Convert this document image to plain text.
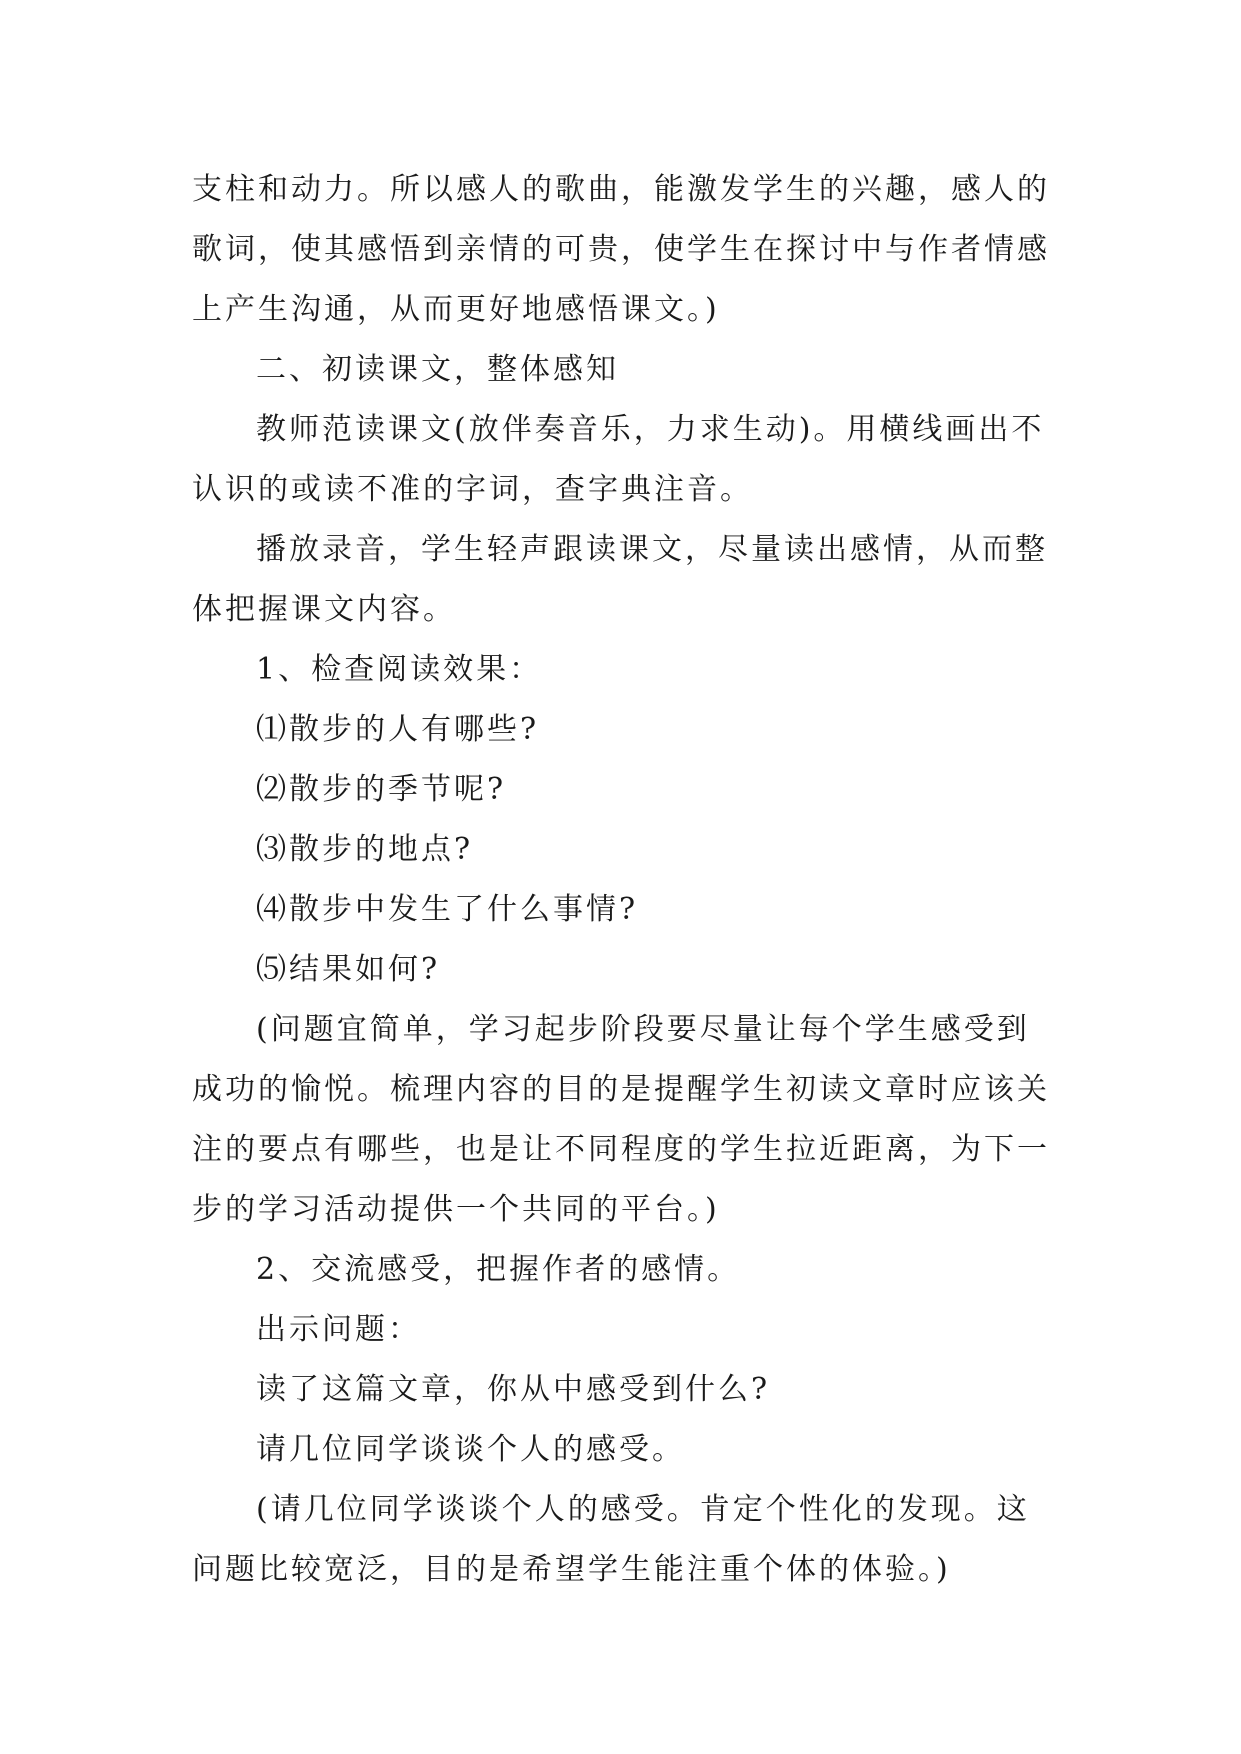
支柱和动力。所以感人的歌曲，能激发学生的兴趣，感人的

歌词，使其感悟到亲情的可贵，使学生在探讨中与作者情感

上产生沟通，从而更好地感悟课文。)

二、初读课文，整体感知

教师范读课文(放伴奏音乐，力求生动)。用横线画出不

认识的或读不准的字词，查字典注音。

播放录音，学生轻声跟读课文，尽量读出感情，从而整

体把握课文内容。

1、检查阅读效果：

⑴散步的人有哪些?

⑵散步的季节呢?

⑶散步的地点?

⑷散步中发生了什么事情?

⑸结果如何?

(问题宜简单，学习起步阶段要尽量让每个学生感受到

成功的愉悦。梳理内容的目的是提醒学生初读文章时应该关

注的要点有哪些，也是让不同程度的学生拉近距离，为下一

步的学习活动提供一个共同的平台。)

2、交流感受，把握作者的感情。

出示问题：

读了这篇文章，你从中感受到什么?

请几位同学谈谈个人的感受。

(请几位同学谈谈个人的感受。肯定个性化的发现。这

问题比较宽泛，目的是希望学生能注重个体的体验。)
